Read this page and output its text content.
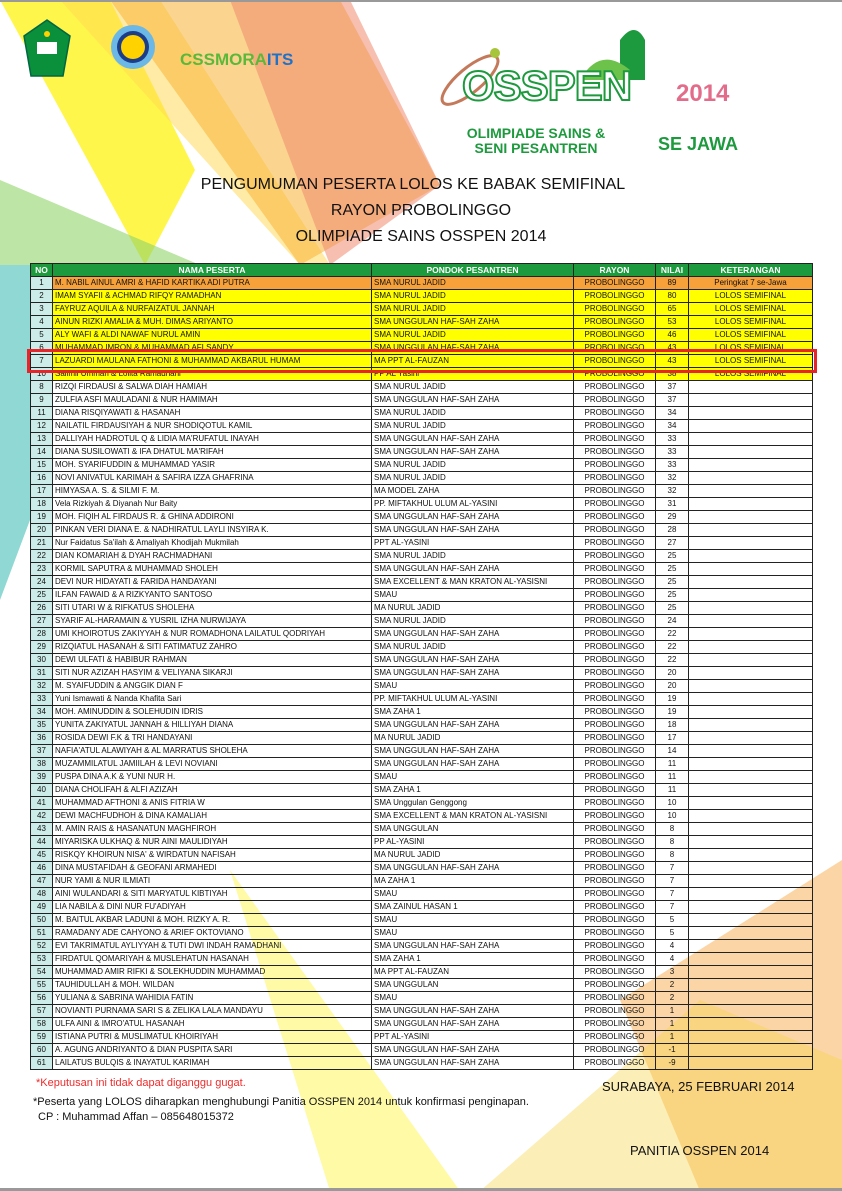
CSSMORAITS
OSSPEN 2014
OLIMPIADE SAINS &
SENI PESANTREN	SE JAWA
PENGUMUMAN PESERTA LOLOS KE BABAK SEMIFINAL
RAYON PROBOLINGGO
OLIMPIADE SAINS OSSPEN 2014
NO	NAMA PESERTA	PONDOK PESANTREN	RAYON	NILAI	KETERANGAN
1	M. NABIL AINUL AMRI & HAFID KARTIKA ADI PUTRA	SMA NURUL JADID	PROBOLINGGO	89	Peringkat 7 se-Jawa
2	IMAM SYAFII & ACHMAD RIFQY RAMADHAN	SMA NURUL JADID	PROBOLINGGO	80	LOLOS SEMIFINAL
3	FAYRUZ AQUILA & NURFAIZATUL JANNAH	SMA NURUL JADID	PROBOLINGGO	65	LOLOS SEMIFINAL
4	AINUN RIZKI AMALIA & MUH. DIMAS ARIYANTO	SMA UNGGULAN HAF-SAH ZAHA	PROBOLINGGO	53	LOLOS SEMIFINAL
5	ALY WAFI & ALDI NAWAF NURUL AMIN	SMA NURUL JADID	PROBOLINGGO	46	LOLOS SEMIFINAL
6	MUHAMMAD IMRON & MUHAMMAD AFI SANDY	SMA UNGGULAN HAF-SAH ZAHA	PROBOLINGGO	43	LOLOS SEMIFINAL
7	LAZUARDI MAULANA FATHONI & MUHAMMAD AKBARUL HUMAM	MA PPT AL-FAUZAN	PROBOLINGGO	43	LOLOS SEMIFINAL
10	Salimil Ummah & Lolita Ramadhani	PP AL Yasini	PROBOLINGGO	38	LOLOS SEMIFINAL
8	RIZQI FIRDAUSI & SALWA DIAH HAMIAH	SMA NURUL JADID	PROBOLINGGO	37	
9	ZULFIA ASFI MAULADANI & NUR HAMIMAH	SMA UNGGULAN HAF-SAH ZAHA	PROBOLINGGO	37	
11	DIANA RISQIYAWATI & HASANAH	SMA NURUL JADID	PROBOLINGGO	34	
12	NAILATIL FIRDAUSIYAH & NUR SHODIQOTUL KAMIL	SMA NURUL JADID	PROBOLINGGO	34	
13	DALLIYAH HADROTUL Q & LIDIA MA'RUFATUL INAYAH	SMA UNGGULAN HAF-SAH ZAHA	PROBOLINGGO	33	
14	DIANA SUSILOWATI & IFA DHATUL MA'RIFAH	SMA UNGGULAN HAF-SAH ZAHA	PROBOLINGGO	33	
15	MOH. SYARIFUDDIN & MUHAMMAD YASIR	SMA NURUL JADID	PROBOLINGGO	33	
16	NOVI ANIVATUL KARIMAH & SAFIRA IZZA GHAFRINA	SMA NURUL JADID	PROBOLINGGO	32	
17	HIMYASA A. S. & SILMI F. M.	MA MODEL ZAHA	PROBOLINGGO	32	
18	Vela Rizkiyah & Diyanah Nur Baity	PP. MIFTAKHUL ULUM AL-YASINI	PROBOLINGGO	31	
19	MOH. FIQIH AL FIRDAUS R. & GHINA ADDIRONI	SMA UNGGULAN HAF-SAH ZAHA	PROBOLINGGO	29	
20	PINKAN VERI DIANA E. & NADHIRATUL LAYLI INSYIRA K.	SMA UNGGULAN HAF-SAH ZAHA	PROBOLINGGO	28	
21	Nur Faidatus Sa'ilah & Amaliyah Khodijah Mukmilah	PPT AL-YASINI	PROBOLINGGO	27	
22	DIAN KOMARIAH & DYAH RACHMADHANI	SMA NURUL JADID	PROBOLINGGO	25	
23	KORMIL SAPUTRA & MUHAMMAD SHOLEH	SMA UNGGULAN HAF-SAH ZAHA	PROBOLINGGO	25	
24	DEVI NUR HIDAYATI & FARIDA HANDAYANI	SMA EXCELLENT & MAN KRATON AL-YASISNI	PROBOLINGGO	25	
25	ILFAN FAWAID & A RIZKYANTO SANTOSO	SMAU	PROBOLINGGO	25	
26	SITI UTARI W & RIFKATUS SHOLEHA	MA NURUL JADID	PROBOLINGGO	25	
27	SYARIF AL-HARAMAIN & YUSRIL IZHA NURWIJAYA	SMA NURUL JADID	PROBOLINGGO	24	
28	UMI KHOIROTUS ZAKIYYAH & NUR ROMADHONA LAILATUL QODRIYAH	SMA UNGGULAN HAF-SAH ZAHA	PROBOLINGGO	22	
29	RIZQIATUL HASANAH & SITI FATIMATUZ ZAHRO	SMA NURUL JADID	PROBOLINGGO	22	
30	DEWI ULFATI & HABIBUR RAHMAN	SMA UNGGULAN HAF-SAH ZAHA	PROBOLINGGO	22	
31	SITI NUR AZIZAH HASYIM & VELIYANA SIKARJI	SMA UNGGULAN HAF-SAH ZAHA	PROBOLINGGO	20	
32	M. SYAIFUDDIN & ANGGIK DIAN F	SMAU	PROBOLINGGO	20	
33	Yuni Ismawati & Nanda Khafita Sari	PP. MIFTAKHUL ULUM AL-YASINI	PROBOLINGGO	19	
34	MOH. AMINUDDIN & SOLEHUDIN IDRIS	SMA ZAHA 1	PROBOLINGGO	19	
35	YUNITA ZAKIYATUL JANNAH & HILLIYAH DIANA	SMA UNGGULAN HAF-SAH ZAHA	PROBOLINGGO	18	
36	ROSIDA DEWI F.K & TRI HANDAYANI	MA NURUL JADID	PROBOLINGGO	17	
37	NAFIA'ATUL ALAWIYAH & AL MARRATUS SHOLEHA	SMA UNGGULAN HAF-SAH ZAHA	PROBOLINGGO	14	
38	MUZAMMILATUL JAMIILAH & LEVI NOVIANI	SMA UNGGULAN HAF-SAH ZAHA	PROBOLINGGO	11	
39	PUSPA DINA A.K & YUNI NUR H.	SMAU	PROBOLINGGO	11	
40	DIANA CHOLIFAH & ALFI AZIZAH	SMA ZAHA 1	PROBOLINGGO	11	
41	MUHAMMAD AFTHONI & ANIS FITRIA W	SMA Unggulan Genggong	PROBOLINGGO	10	
42	DEWI MACHFUDHOH & DINA KAMALIAH	SMA EXCELLENT & MAN KRATON AL-YASISNI	PROBOLINGGO	10	
43	M. AMIN RAIS & HASANATUN MAGHFIROH	SMA UNGGULAN	PROBOLINGGO	8	
44	MIYARISKA ULKHAQ & NUR AINI MAULIDIYAH	PP AL-YASINI	PROBOLINGGO	8	
45	RISKQY KHOIRUN NISA' & WIRDATUN NAFISAH	MA NURUL JADID	PROBOLINGGO	8	
46	DINA MUSTAFIDAH & GEOFANI ARMAHEDI	SMA UNGGULAN HAF-SAH ZAHA	PROBOLINGGO	7	
47	NUR YAMI & NUR ILMIATI	MA ZAHA 1	PROBOLINGGO	7	
48	AINI WULANDARI & SITI MARYATUL KIBTIYAH	SMAU	PROBOLINGGO	7	
49	LIA NABILA & DINI NUR FU'ADIYAH	SMA ZAINUL HASAN 1	PROBOLINGGO	7	
50	M. BAITUL AKBAR LADUNI & MOH. RIZKY A. R.	SMAU	PROBOLINGGO	5	
51	RAMADANY ADE CAHYONO & ARIEF OKTOVIANO	SMAU	PROBOLINGGO	5	
52	EVI TAKRIMATUL AYLIYYAH & TUTI DWI INDAH RAMADHANI	SMA UNGGULAN HAF-SAH ZAHA	PROBOLINGGO	4	
53	FIRDATUL QOMARIYAH & MUSLEHATUN HASANAH	SMA ZAHA 1	PROBOLINGGO	4	
54	MUHAMMAD AMIR RIFKI & SOLEKHUDDIN MUHAMMAD	MA PPT AL-FAUZAN	PROBOLINGGO	3	
55	TAUHIDULLAH & MOH. WILDAN	SMA UNGGULAN	PROBOLINGGO	2	
56	YULIANA & SABRINA WAHIDIA FATIN	SMAU	PROBOLINGGO	2	
57	NOVIANTI PURNAMA SARI S & ZELIKA LALA MANDAYU	SMA UNGGULAN HAF-SAH ZAHA	PROBOLINGGO	1	
58	ULFA AINI & IMRO'ATUL HASANAH	SMA UNGGULAN HAF-SAH ZAHA	PROBOLINGGO	1	
59	ISTIANA PUTRI & MUSLIMATUL KHOIRIYAH	PPT AL-YASINI	PROBOLINGGO	1	
60	A. AGUNG ANDRIYANTO & DIAN PUSPITA SARI	SMA UNGGULAN HAF-SAH ZAHA	PROBOLINGGO	-1	
61	LAILATUS BULQIS & INAYATUL KARIMAH	SMA UNGGULAN HAF-SAH ZAHA	PROBOLINGGO	-9	
*Keputusan ini tidak dapat diganggu gugat.
*Peserta yang LOLOS diharapkan menghubungi Panitia OSSPEN 2014 untuk konfirmasi penginapan.
CP : Muhammad Affan – 085648015372
SURABAYA, 25 FEBRUARI 2014
PANITIA OSSPEN 2014
